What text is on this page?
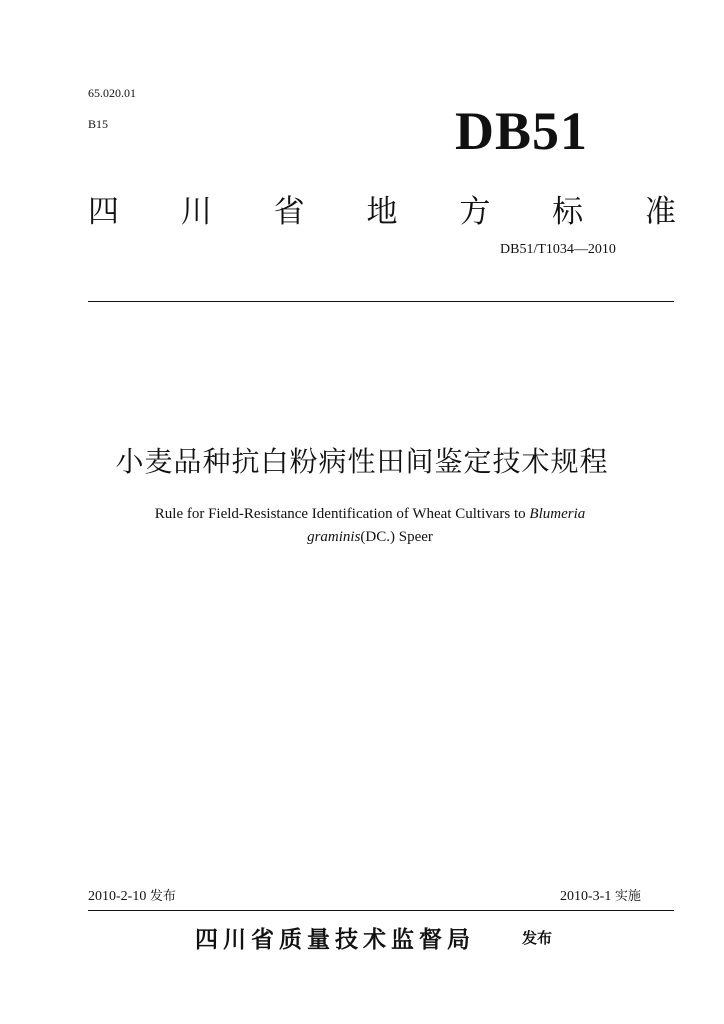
65.020.01
B15	DB51
四 川 省 地 方 标 准
DB51/T1034—2010
小麦品种抗白粉病性田间鉴定技术规程
Rule for Field-Resistance Identification of Wheat Cultivars to Blumeria
graminis(DC.) Speer
2010-2-10 发布	2010-3-1 实施
四川省质量技术监督局	发布
